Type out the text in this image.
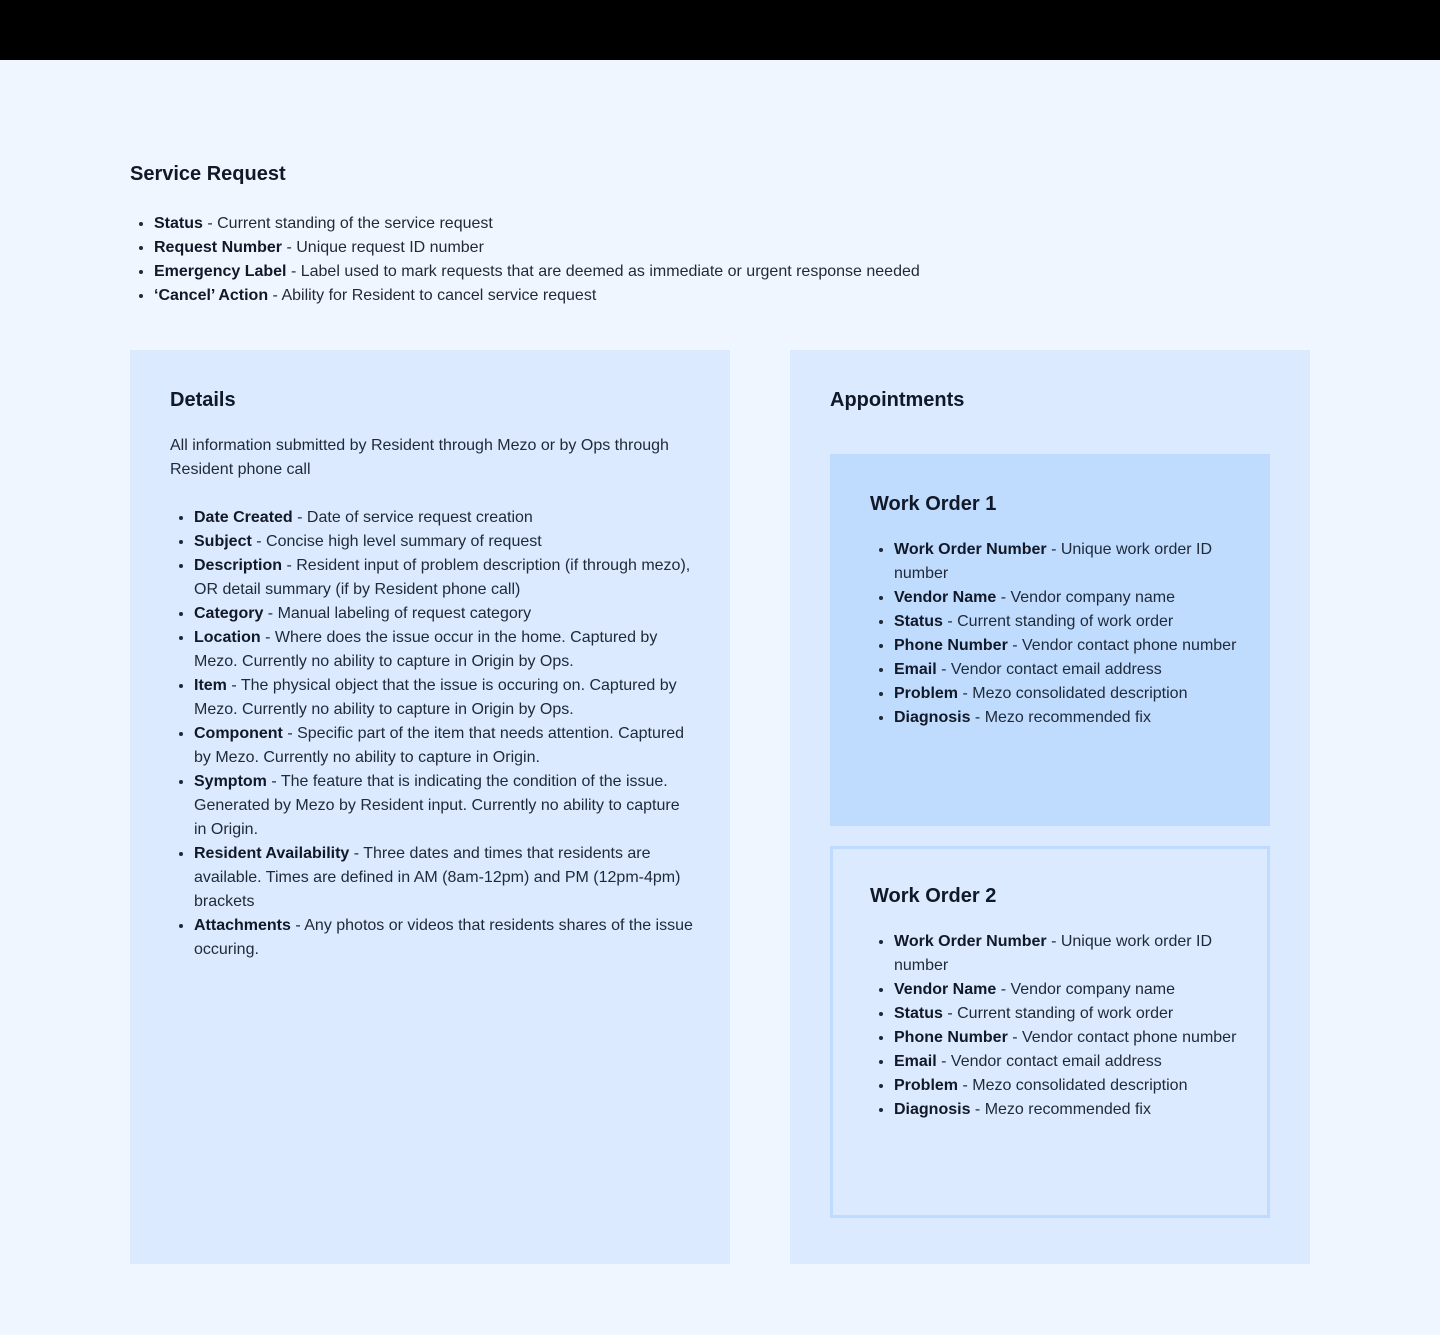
Service Request
• Status - Current standing of the service request
• Request Number - Unique request ID number
• Emergency Label - Label used to mark requests that are deemed as immediate or urgent response needed
• ‘Cancel’ Action - Ability for Resident to cancel service request
Details

All information submitted by Resident through Mezo or by Ops through Resident phone call

• Date Created - Date of service request creation
• Subject - Concise high level summary of request
• Description - Resident input of problem description (if through mezo), OR detail summary (if by Resident phone call)
• Category - Manual labeling of request category
• Location - Where does the issue occur in the home. Captured by Mezo. Currently no ability to capture in Origin by Ops.
• Item - The physical object that the issue is occuring on. Captured by Mezo. Currently no ability to capture in Origin by Ops.
• Component - Specific part of the item that needs attention. Captured by Mezo. Currently no ability to capture in Origin.
• Symptom - The feature that is indicating the condition of the issue. Generated by Mezo by Resident input. Currently no ability to capture in Origin.
• Resident Availability - Three dates and times that residents are available. Times are defined in AM (8am-12pm) and PM (12pm-4pm) brackets
• Attachments - Any photos or videos that residents shares of the issue occuring.
Appointments
Work Order 1
• Work Order Number - Unique work order ID number
• Vendor Name - Vendor company name
• Status - Current standing of work order
• Phone Number - Vendor contact phone number
• Email - Vendor contact email address
• Problem - Mezo consolidated description
• Diagnosis - Mezo recommended fix
Work Order 2
• Work Order Number - Unique work order ID number
• Vendor Name - Vendor company name
• Status - Current standing of work order
• Phone Number - Vendor contact phone number
• Email - Vendor contact email address
• Problem - Mezo consolidated description
• Diagnosis - Mezo recommended fix
